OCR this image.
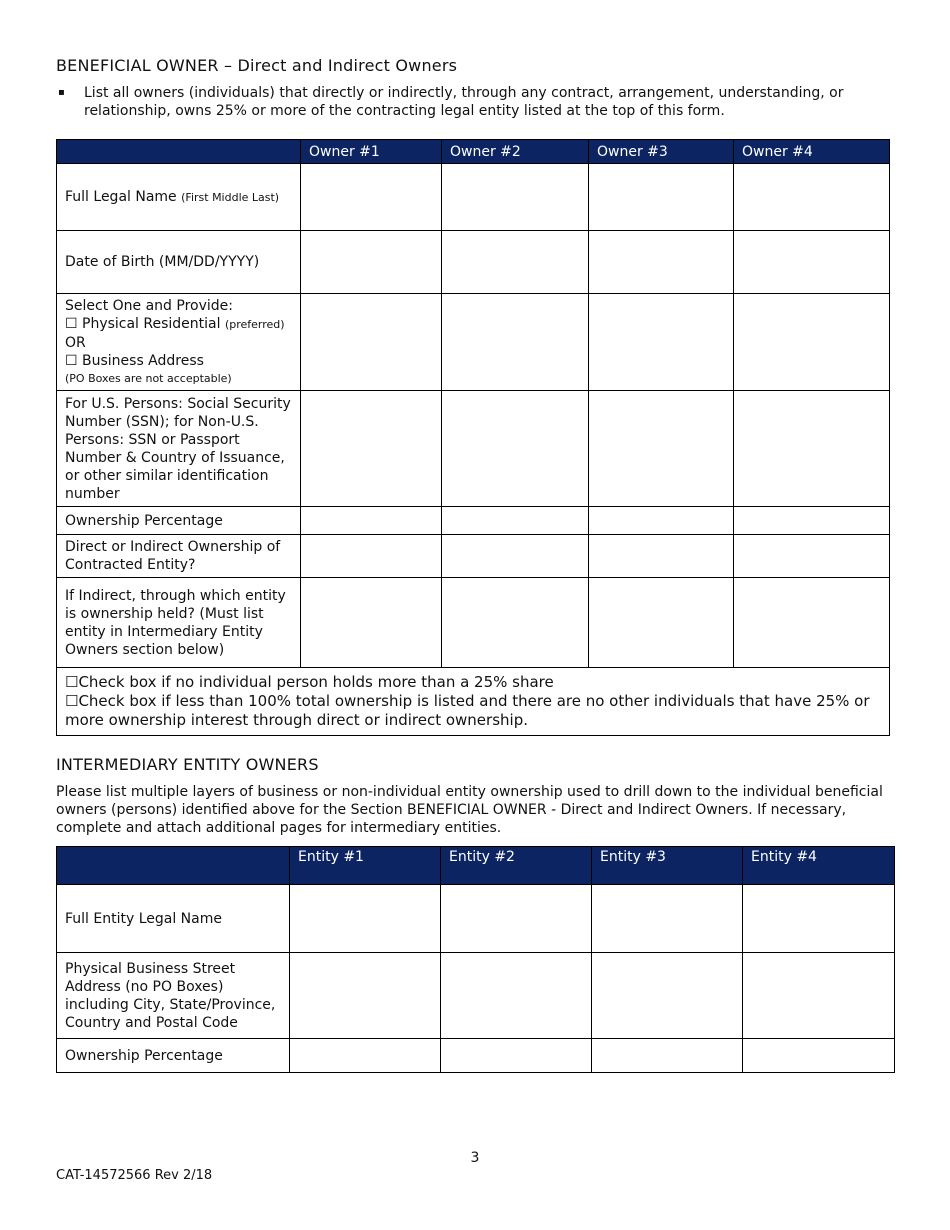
BENEFICIAL OWNER – Direct and Indirect Owners
▪ List all owners (individuals) that directly or indirectly, through any contract, arrangement, understanding, or relationship, owns 25% or more of the contracting legal entity listed at the top of this form.
	Owner #1	Owner #2	Owner #3	Owner #4
Full Legal Name (First Middle Last)				
Date of Birth (MM/DD/YYYY)				

Select One and Provide:
☐ Physical Residential (preferred)
OR
☐ Business Address
(PO Boxes are not acceptable)				

For U.S. Persons: Social Security Number (SSN); for Non-U.S. Persons: SSN or Passport Number & Country of Issuance, or other similar identification number				
Ownership Percentage				
Direct or Indirect Ownership of Contracted Entity?				
If Indirect, through which entity is ownership held? (Must list entity in Intermediary Entity Owners section below)				

☐Check box if no individual person holds more than a 25% share
☐Check box if less than 100% total ownership is listed and there are no other individuals that have 25% or more ownership interest through direct or indirect ownership.				
INTERMEDIARY ENTITY OWNERS
Please list multiple layers of business or non-individual entity ownership used to drill down to the individual beneficial owners (persons) identified above for the Section BENEFICIAL OWNER - Direct and Indirect Owners. If necessary, complete and attach additional pages for intermediary entities.
	Entity #1	Entity #2	Entity #3	Entity #4
Full Entity Legal Name				
Physical Business Street Address (no PO Boxes) including City, State/Province, Country and Postal Code				
Ownership Percentage				
3
CAT-14572566 Rev 2/18
